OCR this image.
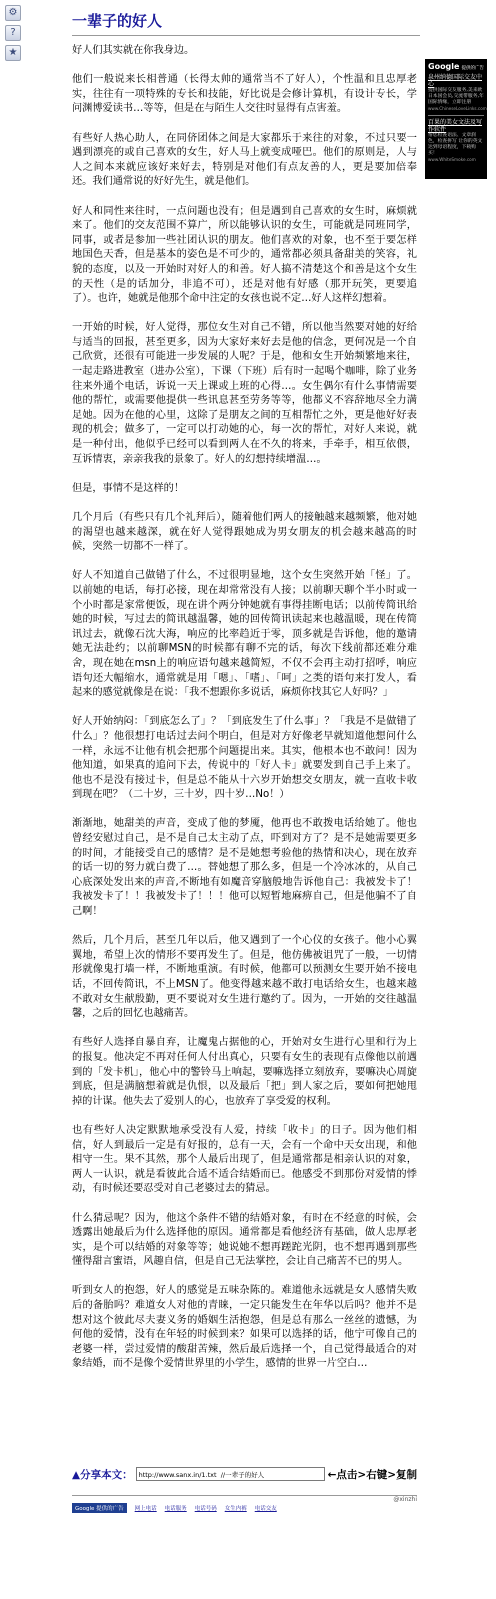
⚙
?
★
一辈子的好人

好人们其实就在你我身边。

他们一般说来长相普通（长得太帅的通常当不了好人），个性温和且忠厚老实，往往有一项特殊的专长和技能，好比说是会修计算机，有设计专长，学问渊博爱读书…等等，但是在与陌生人交往时显得有点害羞。

有些好人热心助人，在同侪团体之间是大家都乐于来往的对象，不过只要一遇到漂亮的或自己喜欢的女生，好人马上就变成哑巴。他们的原则是，人与人之间本来就应该好来好去，特别是对他们有点友善的人，更是要加倍奉还。我们通常说的好好先生，就是他们。

好人和同性来往时，一点问题也没有；但是遇到自己喜欢的女生时，麻烦就来了。他们的交友范围不算广，所以能够认识的女生，可能就是同班同学，同事，或者是参加一些社团认识的朋友。他们喜欢的对象，也不至于要怎样地国色天香，但是基本的姿色是不可少的，通常都必须具备甜美的笑容，礼貌的态度，以及一开始时对好人的和善。好人搞不清楚这个和善是这个女生的天性（是的话加分，非追不可），还是对他有好感（那开玩笑，更要追了）。也许，她就是他那个命中注定的女孩也说不定…好人这样幻想着。

一开始的时候，好人觉得，那位女生对自己不错，所以他当然要对她的好给与适当的回报，甚至更多，因为大家好来好去是他的信念，更何况是一个自己欣赏，还很有可能进一步发展的人呢？于是，他和女生开始频繁地来往，一起走路进教室（进办公室），下课（下班）后有时一起喝个咖啡，除了业务往来外通个电话，诉说一天上课或上班的心得…。女生偶尔有什么事情需要他的帮忙，或需要他提供一些讯息甚至劳务等等，他都义不容辞地尽全力满足她。因为在他的心里，这除了是朋友之间的互相帮忙之外，更是他好好表现的机会；做多了，一定可以打动她的心，每一次的帮忙，对好人来说，就是一种付出，他似乎已经可以看到两人在不久的将来，手牵手，相互依偎，互诉情衷，亲亲我我的景象了。好人的幻想持续增温…。

但是，事情不是这样的！

几个月后（有些只有几个礼拜后），随着他们两人的接触越来越频繁，他对她的渴望也越来越深，就在好人觉得跟她成为男女朋友的机会越来越高的时候，突然一切都不一样了。

好人不知道自己做错了什么，不过很明显地，这个女生突然开始「怪」了。以前她的电话，每打必接，现在却常常没有人接；以前聊天聊个半小时或一个小时都是家常便饭，现在讲个两分钟她就有事得挂断电话；以前传简讯给她的时候，写过去的简讯越温馨，她的回传简讯读起来也越温暖，现在传简讯过去，就像石沈大海，响应的比率趋近于零，顶多就是告诉他，他的邀请她无法赴约；以前聊MSN的时候都有聊不完的话，每次下线前都还难分难舍，现在她在msn上的响应语句越来越简短，不仅不会再主动打招呼，响应语句还大幅缩水，通常就是用「嗯」、「嗜」、「呵」之类的语句来打发人，看起来的感觉就像是在说：「我不想跟你多说话，麻烦你找其它人好吗？」

好人开始纳闷：「到底怎么了」？「到底发生了什么事」？「我是不是做错了什么」？他很想打电话过去问个明白，但是对方好像老早就知道他想问什么一样，永远不让他有机会把那个问题提出来。其实，他根本也不敢问！因为他知道，如果真的追问下去，传说中的「好人卡」就要发到自己手上来了。他也不是没有接过卡，但是总不能从十六岁开始想交女朋友，就一直收卡收到现在吧？（二十岁，三十岁，四十岁…No！）

渐渐地，她甜美的声音，变成了他的梦魇，他再也不敢拨电话给她了。他也曾经安慰过自己，是不是自己太主动了点，吓到对方了？是不是她需要更多的时间，才能接受自己的感情？是不是她想考验他的热情和决心，现在放弃的话一切的努力就白费了…。替她想了那么多，但是一个冷冰冰的，从自己心底深处发出来的声音,不断地有如魔音穿脑般地告诉他自己：我被发卡了！我被发卡了！！我被发卡了！！！他可以短暂地麻痹自己，但是他骗不了自己啊！

然后，几个月后，甚至几年以后，他又遇到了一个心仪的女孩子。他小心翼翼地，希望上次的情形不要再发生了。但是，他仿佛被诅咒了一般，一切情形就像鬼打墙一样，不断地重演。有时候，他都可以预测女生要开始不接电话，不回传简讯，不上MSN了。他变得越来越不敢打电话给女生，也越来越不敢对女生献殷勤，更不要说对女生进行邀约了。因为，一开始的交往越温馨，之后的回忆也越痛苦。

有些好人选择自暴自弃，让魔鬼占据他的心，开始对女生进行心里和行为上的报复。他决定不再对任何人付出真心，只要有女生的表现有点像他以前遇到的「发卡机」，他心中的警铃马上响起，要嘛选择立刻放弃，要嘛决心周旋到底，但是满脑想着就是仇恨，以及最后「把」到人家之后，要如何把她甩掉的计谋。他失去了爱别人的心，也放弃了享受爱的权利。

也有些好人决定默默地承受没有人爱，持续「收卡」的日子。因为他们相信，好人到最后一定是有好报的，总有一天，会有一个命中天女出现，和他相守一生。果不其然，那个人最后出现了，但是通常都是相亲认识的对象，两人一认识，就是看彼此合适不适合结婚而已。他感受不到那份对爱情的悸动，有时候还要忍受对自己老婆过去的猜忌。

什么猜忌呢？因为，他这个条件不错的结婚对象，有时在不经意的时候，会透露出她最后为什么选择他的原因。通常都是看他经济有基础，做人忠厚老实，是个可以结婚的对象等等；她说她不想再蹉跎光阴，也不想再遇到那些懂得甜言蜜语，风趣自信，但是自己无法掌控，会让自己痛苦不已的男人。

听到女人的抱怨，好人的感觉是五味杂陈的。难道他永远就是女人感情失败后的备胎吗？难道女人对他的青睐，一定只能发生在年华以后吗？他并不是想对这个彼此尽夫妻义务的婚姻生活抱怨，但是总有那么一丝丝的遗憾，为何他的爱情，没有在年轻的时候到来？如果可以选择的话，他宁可像自己的老婆一样，尝过爱情的酸甜苦辣，然后最后选择一个，自己觉得最适合的对象结婚，而不是像个爱情世界里的小学生，感情的世界一片空白…

Google 提供的广告
泉州纳德国际交友中心
提供国际交友服务,美来欧日本国会员,交流带服务,年国际情缘，立即注册
www.ChineseLoveLinks.com
百果的美女文法及写作软件
帮您检查语法、文章润色，检查拼写 让你的英文达到母语程度，下载购买！
www.WhiteSmoke.com
▲分享本文：
http://www.sanx.in/1.txt //一辈子的好人	←点击>右键>复制
@xinzhi
Google 提供的广告	网上电话 电话服务 电话号码 女生内裤 电话交友
